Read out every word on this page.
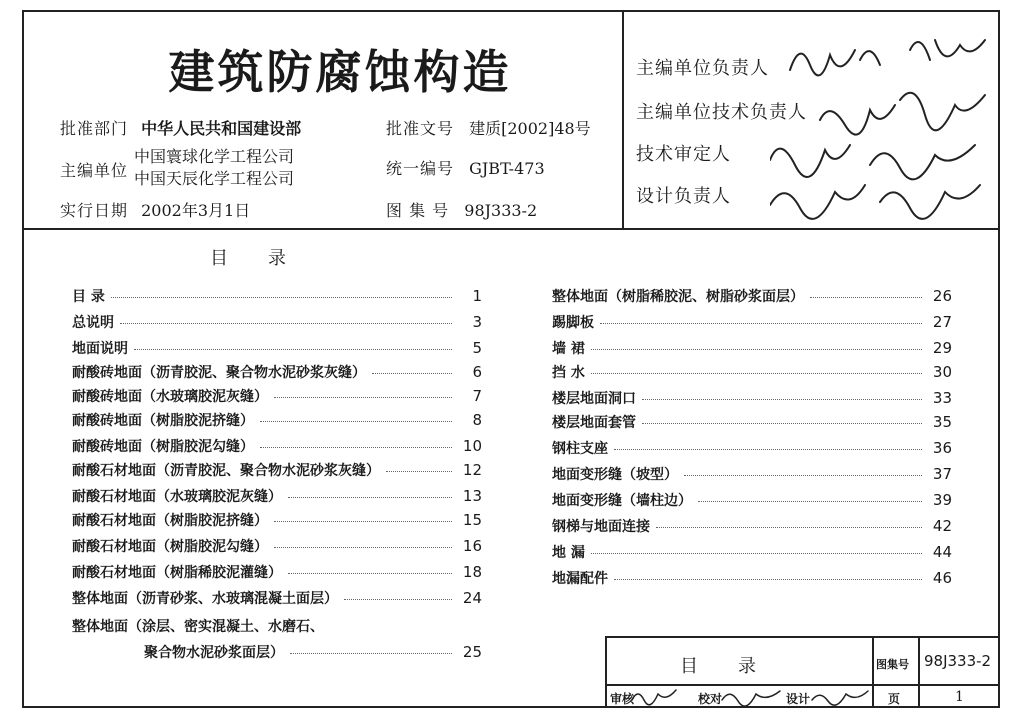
建筑防腐蚀构造
批准部门 中华人民共和国建设部
主编单位
中国寰球化学工程公司
中国天辰化学工程公司
实行日期 2002年3月1日
批准文号 建质[2002]48号
统一编号 GJBT-473
图 集 号 98J333-2
主编单位负责人
主编单位技术负责人
技术审定人
设计负责人
目       录
目 录	1
总说明	3
地面说明	5
耐酸砖地面（沥青胶泥、聚合物水泥砂浆灰缝）	6
耐酸砖地面（水玻璃胶泥灰缝）	7
耐酸砖地面（树脂胶泥挤缝）	8
耐酸砖地面（树脂胶泥勾缝）	10
耐酸石材地面（沥青胶泥、聚合物水泥砂浆灰缝）	12
耐酸石材地面（水玻璃胶泥灰缝）	13
耐酸石材地面（树脂胶泥挤缝）	15
耐酸石材地面（树脂胶泥勾缝）	16
耐酸石材地面（树脂稀胶泥灌缝）	18
整体地面（沥青砂浆、水玻璃混凝土面层）	24
整体地面（涂层、密实混凝土、水磨石、
聚合物水泥砂浆面层）	25
整体地面（树脂稀胶泥、树脂砂浆面层）	26
踢脚板	27
墙 裙	29
挡 水	30
楼层地面洞口	33
楼层地面套管	35
钢柱支座	36
地面变形缝（坡型）	37
地面变形缝（墙柱边）	39
钢梯与地面连接	42
地 漏	44
地漏配件	46
目       录	图集号 98J333-2
审核	校对	设计	页	1
